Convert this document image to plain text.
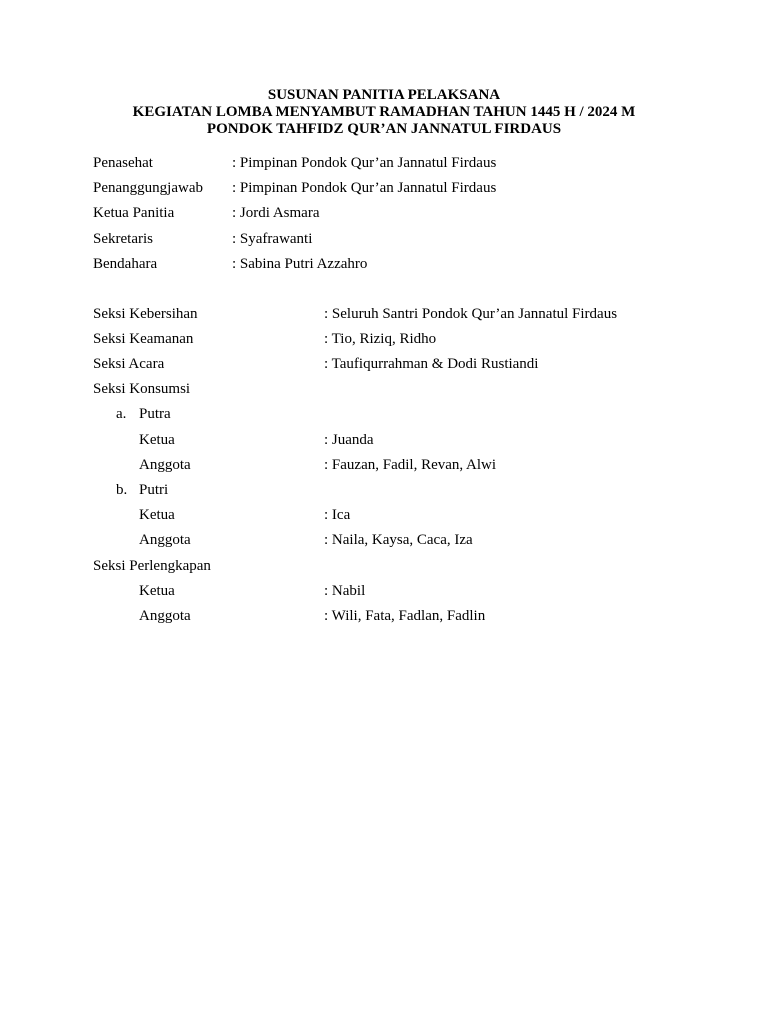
SUSUNAN PANITIA PELAKSANA
KEGIATAN LOMBA MENYAMBUT RAMADHAN TAHUN 1445 H / 2024 M
PONDOK TAHFIDZ QUR’AN JANNATUL FIRDAUS
Penasehat	: Pimpinan Pondok Qur’an Jannatul Firdaus
Penanggungjawab : Pimpinan Pondok Qur’an Jannatul Firdaus
Ketua Panitia	: Jordi Asmara
Sekretaris	: Syafrawanti
Bendahara	: Sabina Putri Azzahro
Seksi Kebersihan	: Seluruh Santri Pondok Qur’an Jannatul Firdaus
Seksi Keamanan	: Tio, Riziq, Ridho
Seksi Acara	: Taufiqurrahman & Dodi Rustiandi
Seksi Konsumsi
a. Putra
Ketua	: Juanda
Anggota	: Fauzan, Fadil, Revan, Alwi
b. Putri
Ketua	: Ica
Anggota	: Naila, Kaysa, Caca, Iza
Seksi Perlengkapan
Ketua	: Nabil
Anggota	: Wili, Fata, Fadlan, Fadlin
